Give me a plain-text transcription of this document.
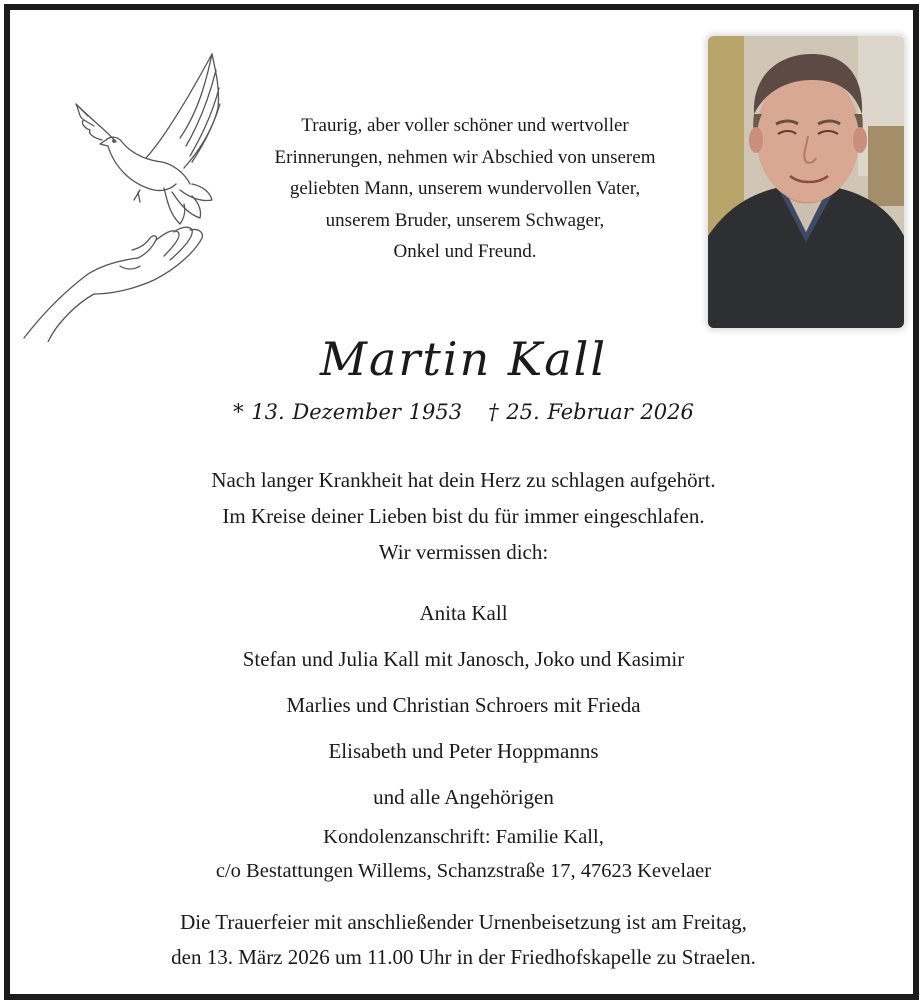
Traurig, aber voller schöner und wertvoller
Erinnerungen, nehmen wir Abschied von unserem
geliebten Mann, unserem wundervollen Vater,
unserem Bruder, unserem Schwager,
Onkel und Freund.
Martin Kall
* 13. Dezember 1953 † 25. Februar 2026
Nach langer Krankheit hat dein Herz zu schlagen aufgehört.
Im Kreise deiner Lieben bist du für immer eingeschlafen.
Wir vermissen dich:
Anita Kall
Stefan und Julia Kall mit Janosch, Joko und Kasimir
Marlies und Christian Schroers mit Frieda
Elisabeth und Peter Hoppmanns
und alle Angehörigen
Kondolenzanschrift: Familie Kall,
c/o Bestattungen Willems, Schanzstraße 17, 47623 Kevelaer
Die Trauerfeier mit anschließender Urnenbeisetzung ist am Freitag,
den 13. März 2026 um 11.00 Uhr in der Friedhofskapelle zu Straelen.
